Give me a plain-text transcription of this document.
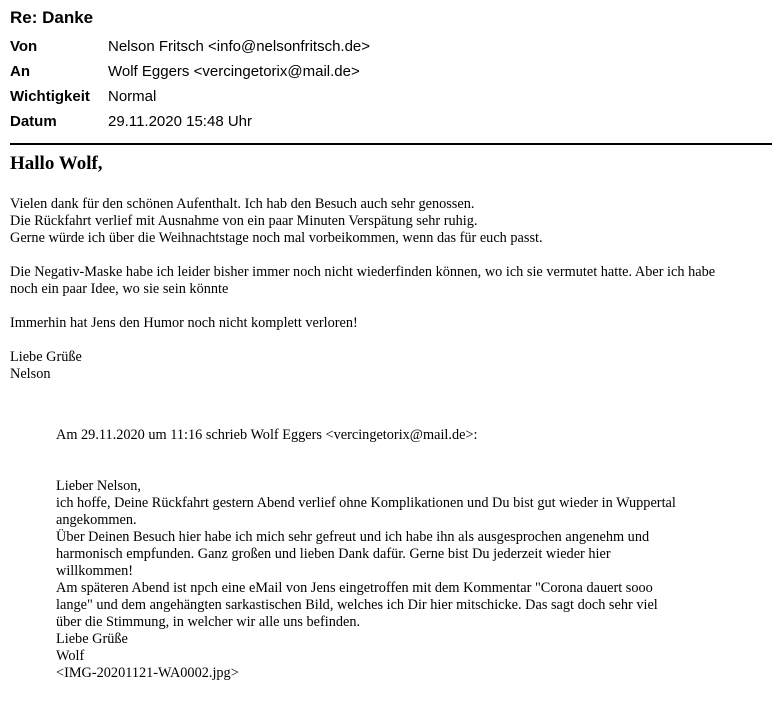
Re: Danke
Von	Nelson Fritsch <info@nelsonfritsch.de>
An	Wolf Eggers <vercingetorix@mail.de>
Wichtigkeit	Normal
Datum	29.11.2020 15:48 Uhr
Hallo Wolf,
Vielen dank für den schönen Aufenthalt. Ich hab den Besuch auch sehr genossen.
Die Rückfahrt verlief mit Ausnahme von ein paar Minuten Verspätung sehr ruhig.
Gerne würde ich über die Weihnachtstage noch mal vorbeikommen, wenn das für euch passt.
Die Negativ-Maske habe ich leider bisher immer noch nicht wiederfinden können, wo ich sie vermutet hatte. Aber ich habe
noch ein paar Idee, wo sie sein könnte
Immerhin hat Jens den Humor noch nicht komplett verloren!
Liebe Grüße
Nelson
Am 29.11.2020 um 11:16 schrieb Wolf Eggers <vercingetorix@mail.de>:
Lieber Nelson,
ich hoffe, Deine Rückfahrt gestern Abend verlief ohne Komplikationen und Du bist gut wieder in Wuppertal
angekommen.
Über Deinen Besuch hier habe ich mich sehr gefreut und ich habe ihn als ausgesprochen angenehm und
harmonisch empfunden. Ganz großen und lieben Dank dafür. Gerne bist Du jederzeit wieder hier
willkommen!
Am späteren Abend ist npch eine eMail von Jens eingetroffen mit dem Kommentar "Corona dauert sooo
lange" und dem angehängten sarkastischen Bild, welches ich Dir hier mitschicke. Das sagt doch sehr viel
über die Stimmung, in welcher wir alle uns befinden.
Liebe Grüße
Wolf
<IMG-20201121-WA0002.jpg>
